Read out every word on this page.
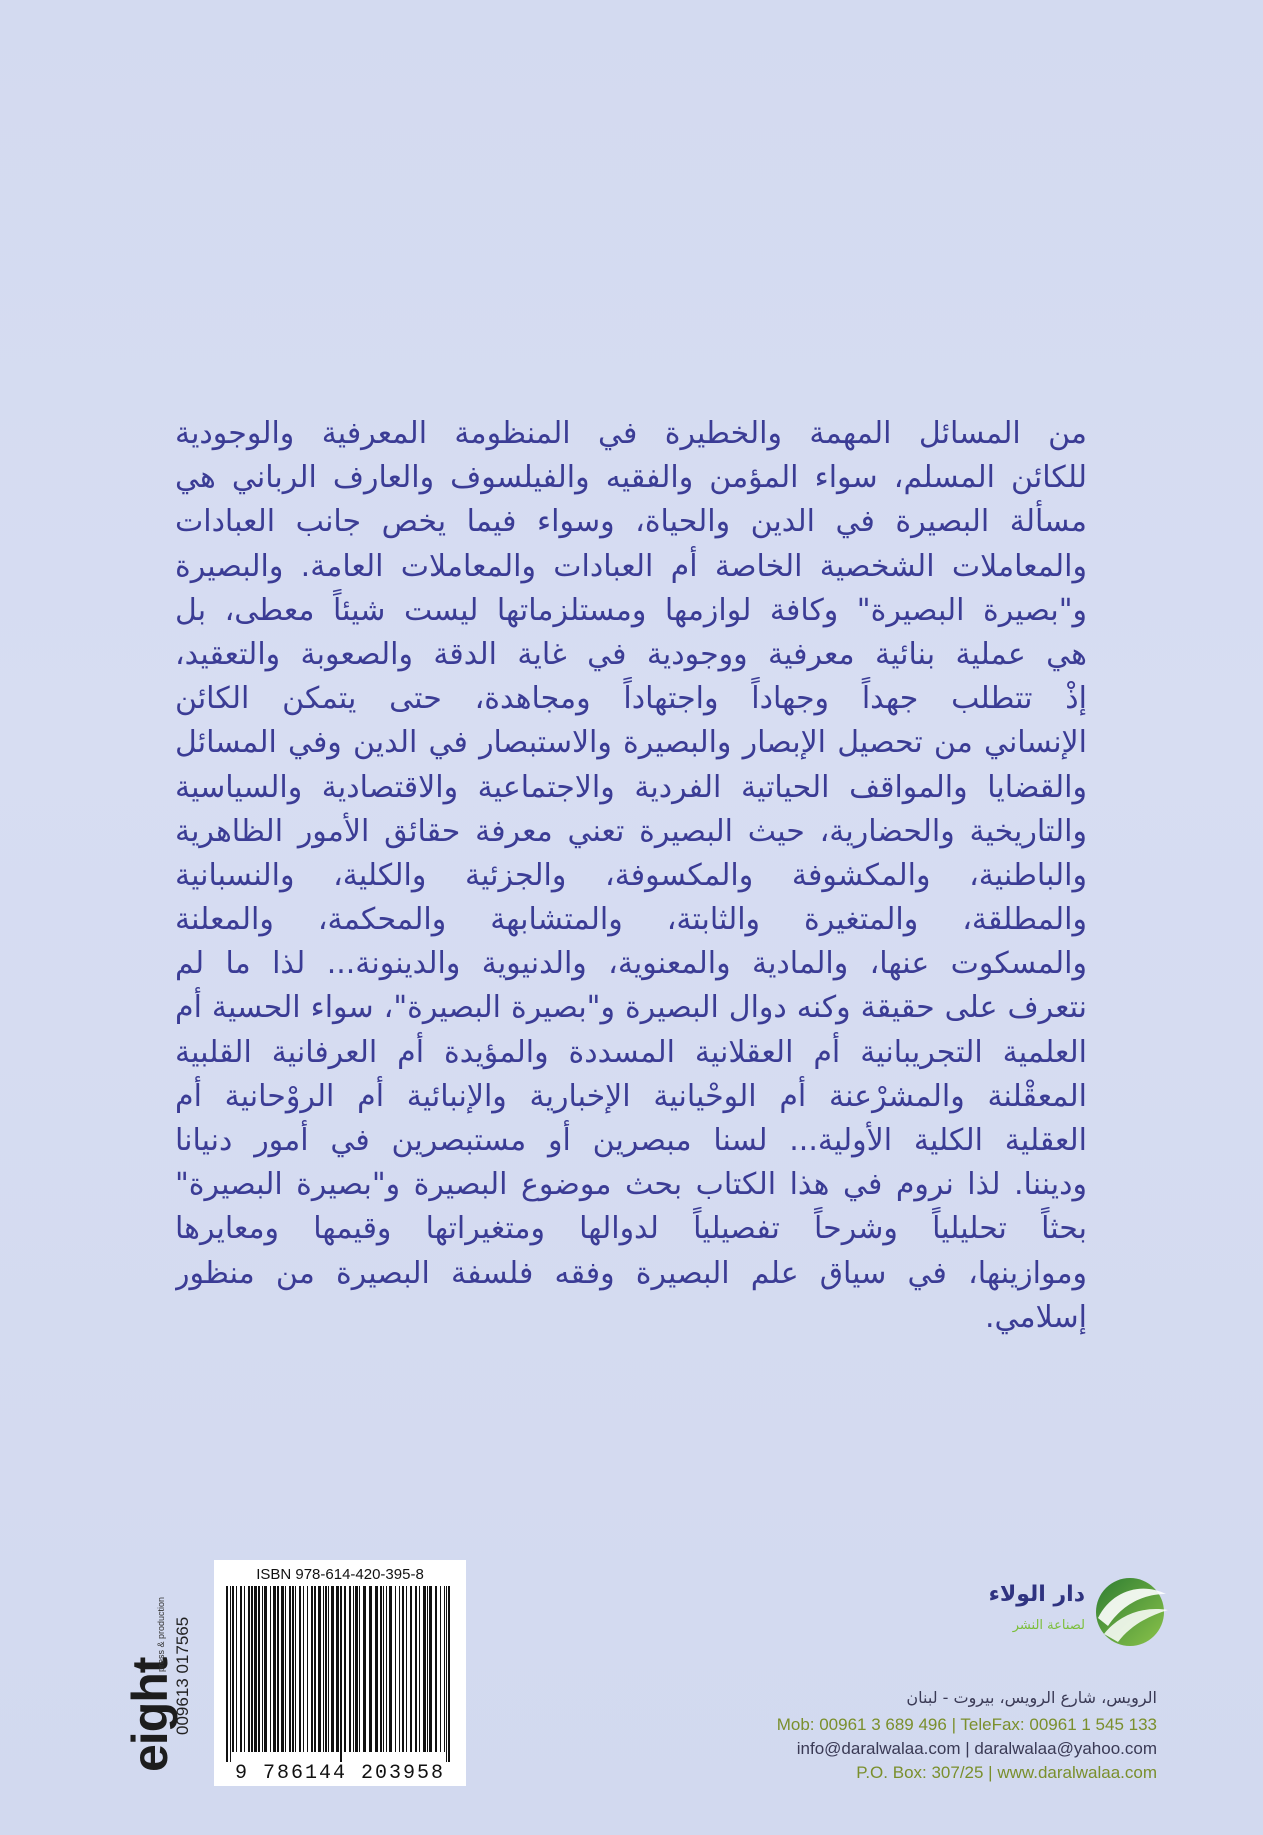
من المسائل المهمة والخطيرة في المنظومة المعرفية والوجودية
للكائن المسلم، سواء المؤمن والفقيه والفيلسوف والعارف الرباني هي
مسألة البصيرة في الدين والحياة، وسواء فيما يخص جانب العبادات
والمعاملات الشخصية الخاصة أم العبادات والمعاملات العامة. والبصيرة
و"بصيرة البصيرة" وكافة لوازمها ومستلزماتها ليست شيئاً معطى، بل
هي عملية بنائية معرفية ووجودية في غاية الدقة والصعوبة والتعقيد،
إذْ تتطلب جهداً وجهاداً واجتهاداً ومجاهدة، حتى يتمكن الكائن
الإنساني من تحصيل الإبصار والبصيرة والاستبصار في الدين وفي المسائل
والقضايا والمواقف الحياتية الفردية والاجتماعية والاقتصادية والسياسية
والتاريخية والحضارية، حيث البصيرة تعني معرفة حقائق الأمور الظاهرية
والباطنية، والمكشوفة والمكسوفة، والجزئية والكلية، والنسبانية
والمطلقة، والمتغيرة والثابتة، والمتشابهة والمحكمة، والمعلنة
والمسكوت عنها، والمادية والمعنوية، والدنيوية والدينونة... لذا ما لم
نتعرف على حقيقة وكنه دوال البصيرة و"بصيرة البصيرة"، سواء الحسية أم
العلمية التجريبانية أم العقلانية المسددة والمؤيدة أم العرفانية القلبية
المعقْلنة والمشرْعنة أم الوحْيانية الإخبارية والإنبائية أم الروْحانية أم
العقلية الكلية الأولية... لسنا مبصرين أو مستبصرين في أمور دنيانا
وديننا. لذا نروم في هذا الكتاب بحث موضوع البصيرة و"بصيرة البصيرة"
بحثاً تحليلياً وشرحاً تفصيلياً لدوالها ومتغيراتها وقيمها ومعايرها
وموازينها، في سياق علم البصيرة وفقه فلسفة البصيرة من منظور
إسلامي.
ISBN 978-614-420-395-8
9 786144 203958
009613 017565
eight
press & production
دار الولاء
لصناعة النشر
الرويس، شارع الرويس، بيروت - لبنان
Mob: 00961 3 689 496 | TeleFax: 00961 1 545 133
info@daralwalaa.com | daralwalaa@yahoo.com
P.O. Box: 307/25 | www.daralwalaa.com
